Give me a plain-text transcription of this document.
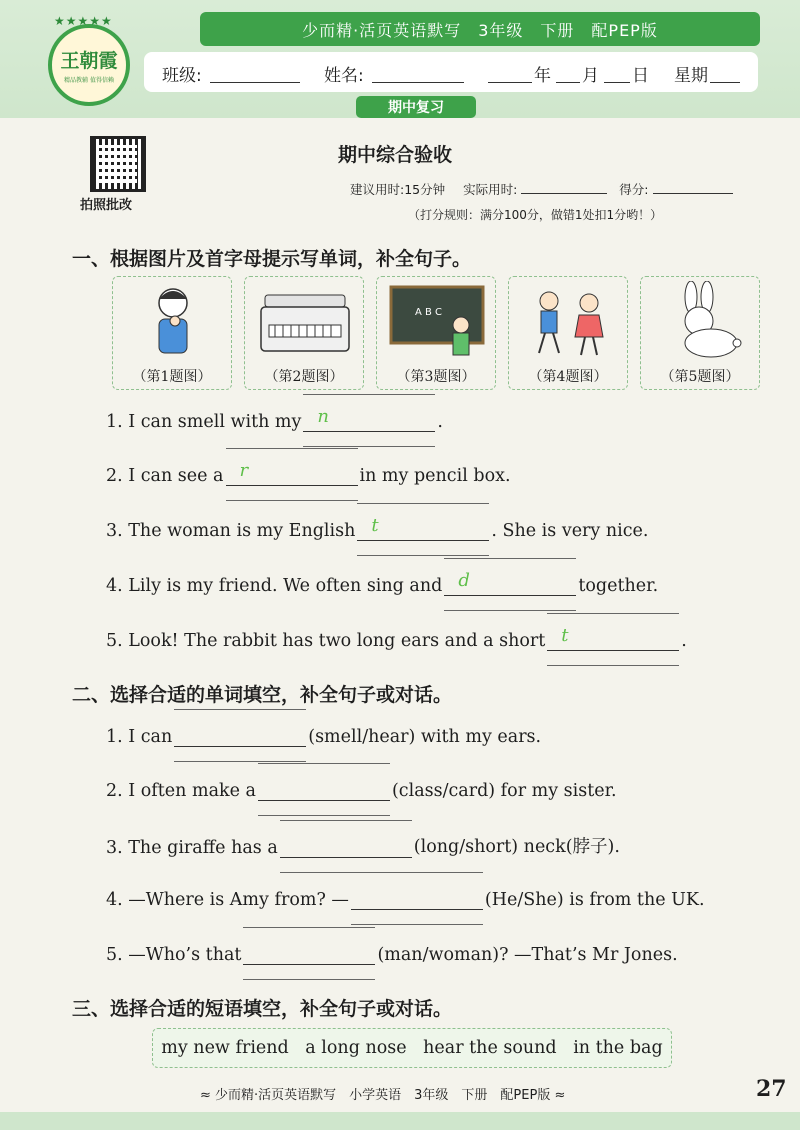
少而精·活页英语默写　3年级　下册　配PEP版
★★★★★
王朝霞
精品教辅 值得信赖	班级:	姓名:	年 月 日 星期
期中复习
拍照批改
期中综合验收
建议用时:15分钟 实际用时:	得分:
（打分规则：满分100分，做错1处扣1分哟！）
一、根据图片及首字母提示写单词，补全句子。
（第1题图）	（第2题图）
A B C
（第3题图）	（第4题图）	（第5题图）
1. I can smell with my n	.
2. I can see a r	in my pencil box.
3. The woman is my English t	. She is very nice.
4. Lily is my friend. We often sing and d	together.
5. Look! The rabbit has two long ears and a short t	.
二、选择合适的单词填空，补全句子或对话。
1. I can	(smell/hear) with my ears.
2. I often make a	(class/card) for my sister.
3. The giraffe has a	(long/short) neck(脖子).
4. —Where is Amy from? —	(He/She) is from the UK.
5. —Who’s that	(man/woman)? —That’s Mr Jones.
三、选择合适的短语填空，补全句子或对话。
my new friend a long nose hear the sound in the bag
≈ 少而精·活页英语默写　小学英语　3年级　下册　配PEP版 ≈	27
